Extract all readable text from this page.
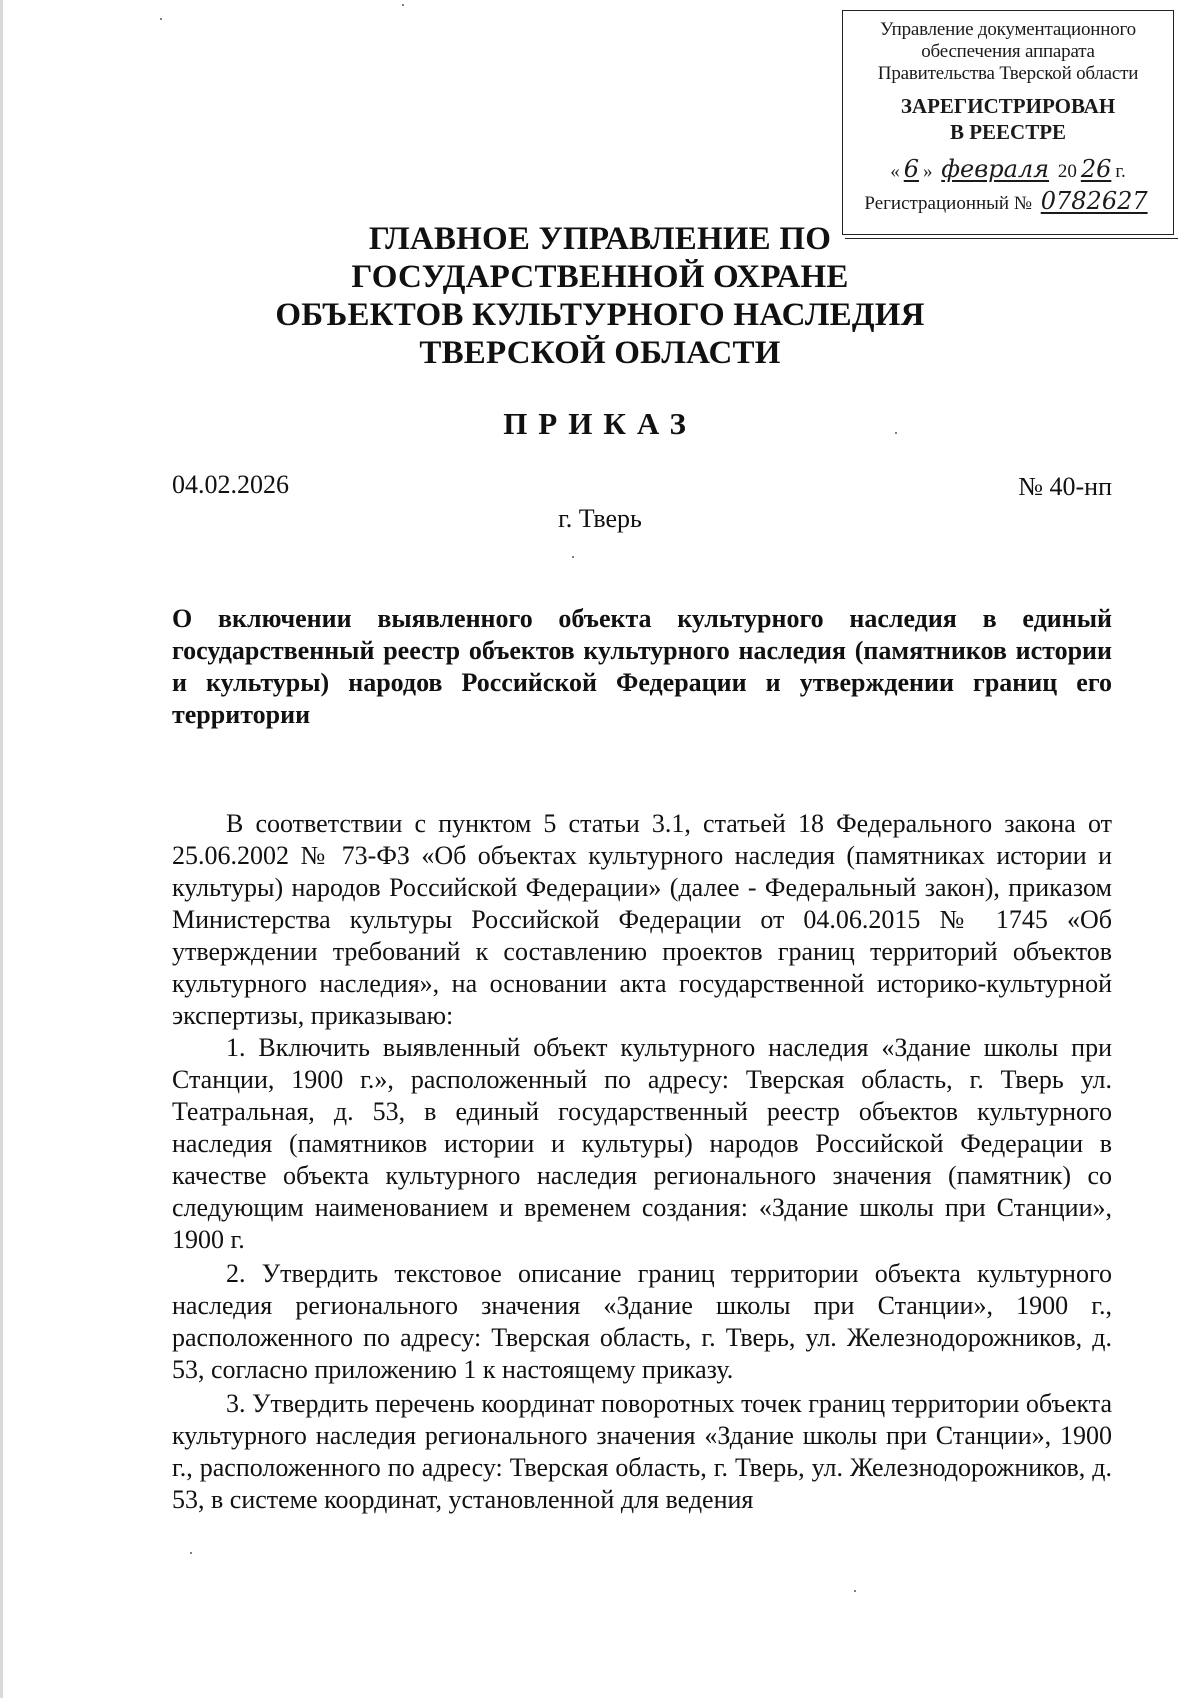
Управление документационного
обеспечения аппарата
Правительства Тверской области
ЗАРЕГИСТРИРОВАН
В РЕЕСТРЕ
« 6 » февраля 20 26 г.
Регистрационный № 0782627
ГЛАВНОЕ УПРАВЛЕНИЕ ПО
ГОСУДАРСТВЕННОЙ ОХРАНЕ
ОБЪЕКТОВ КУЛЬТУРНОГО НАСЛЕДИЯ
ТВЕРСКОЙ ОБЛАСТИ
ПРИКАЗ
04.02.2026	№ 40-нп
г. Тверь
О включении выявленного объекта культурного наследия в единый государственный реестр объектов культурного наследия (памятников истории и культуры) народов Российской Федерации и утверждении границ его территории

В соответствии с пунктом 5 статьи 3.1, статьей 18 Федерального закона от 25.06.2002 № 73-ФЗ «Об объектах культурного наследия (памятниках истории и культуры) народов Российской Федерации» (далее - Федеральный закон), приказом Министерства культуры Российской Федерации от 04.06.2015 № 1745 «Об утверждении требований к составлению проектов границ территорий объектов культурного наследия», на основании акта государственной историко-культурной экспертизы, приказываю:

1. Включить выявленный объект культурного наследия «Здание школы при Станции, 1900 г.», расположенный по адресу: Тверская область, г. Тверь ул. Театральная, д. 53, в единый государственный реестр объектов культурного наследия (памятников истории и культуры) народов Российской Федерации в качестве объекта культурного наследия регионального значения (памятник) со следующим наименованием и временем создания: «Здание школы при Станции», 1900 г.

2. Утвердить текстовое описание границ территории объекта культурного наследия регионального значения «Здание школы при Станции», 1900 г., расположенного по адресу: Тверская область, г. Тверь, ул. Железнодорожников, д. 53, согласно приложению 1 к настоящему приказу.

3. Утвердить перечень координат поворотных точек границ территории объекта культурного наследия регионального значения «Здание школы при Станции», 1900 г., расположенного по адресу: Тверская область, г. Тверь, ул. Железнодорожников, д. 53, в системе координат, установленной для ведения
